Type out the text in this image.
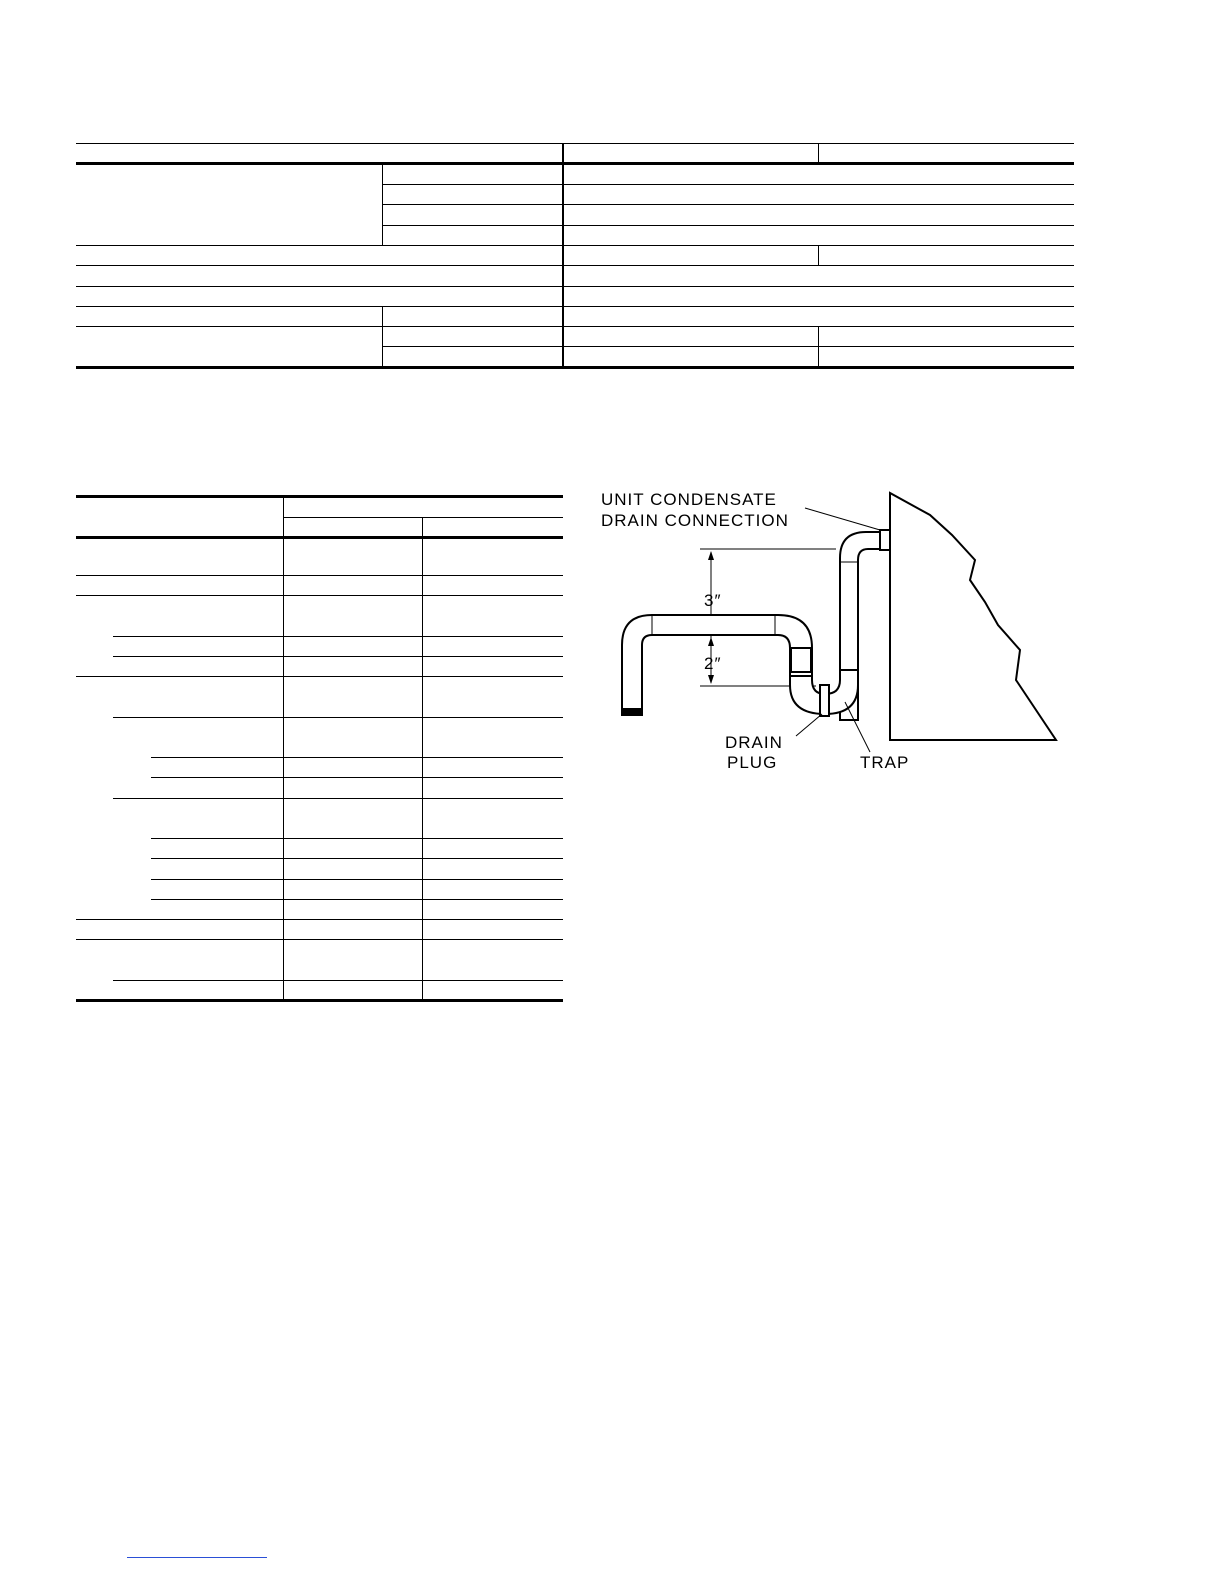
UNIT CONDENSATE
DRAIN CONNECTION
3″
2″
DRAIN
PLUG	TRAP
